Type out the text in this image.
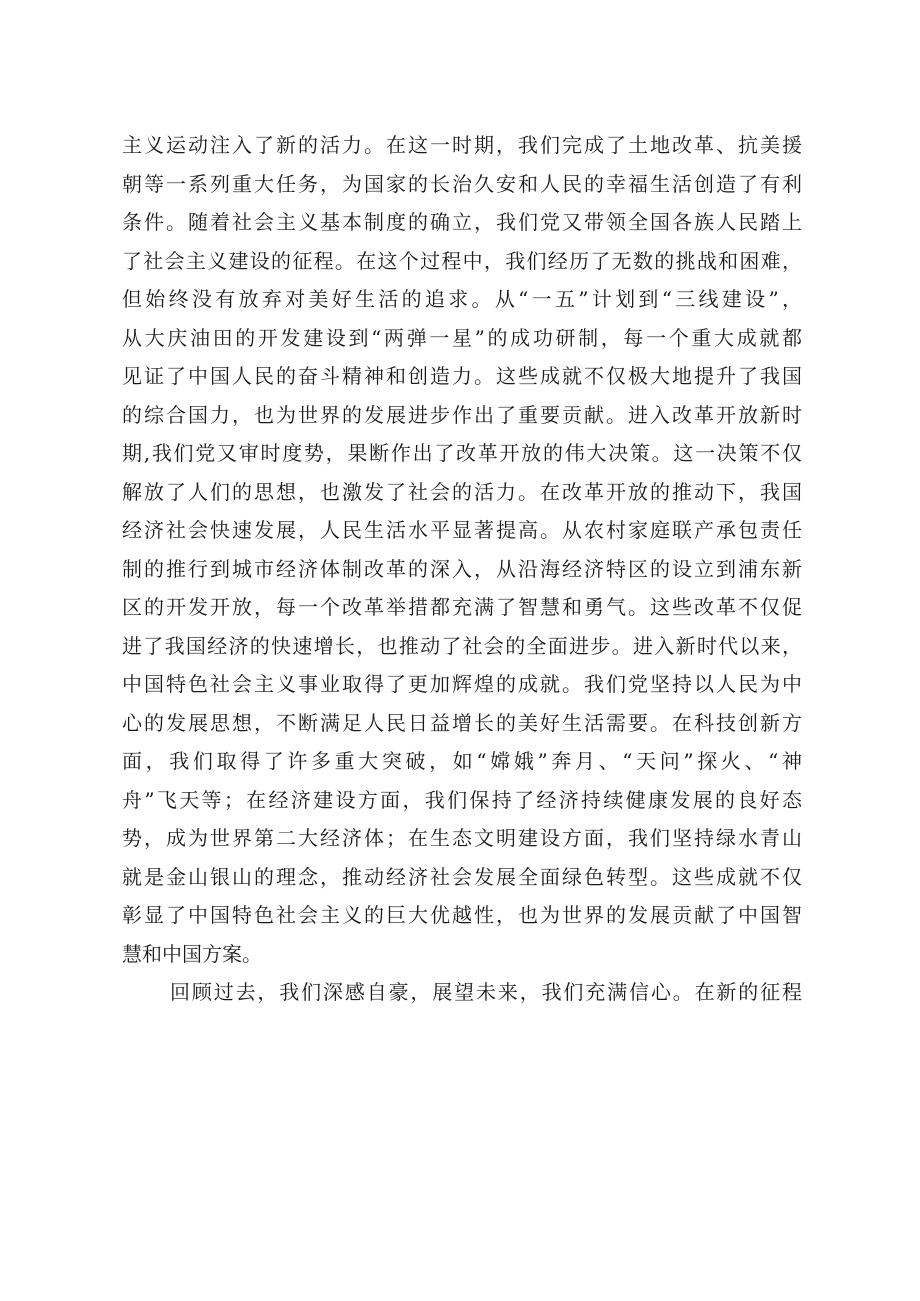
主义运动注入了新的活力。在这一时期，我们完成了土地改革、抗美援
朝等一系列重大任务，为国家的长治久安和人民的幸福生活创造了有利
条件。随着社会主义基本制度的确立，我们党又带领全国各族人民踏上
了社会主义建设的征程。在这个过程中，我们经历了无数的挑战和困难，
但始终没有放弃对美好生活的追求。从“一五”计划到“三线建设”，
从大庆油田的开发建设到“两弹一星”的成功研制，每一个重大成就都
见证了中国人民的奋斗精神和创造力。这些成就不仅极大地提升了我国
的综合国力，也为世界的发展进步作出了重要贡献。进入改革开放新时
期,我们党又审时度势，果断作出了改革开放的伟大决策。这一决策不仅
解放了人们的思想，也激发了社会的活力。在改革开放的推动下，我国
经济社会快速发展，人民生活水平显著提高。从农村家庭联产承包责任
制的推行到城市经济体制改革的深入，从沿海经济特区的设立到浦东新
区的开发开放，每一个改革举措都充满了智慧和勇气。这些改革不仅促
进了我国经济的快速增长，也推动了社会的全面进步。进入新时代以来，
中国特色社会主义事业取得了更加辉煌的成就。我们党坚持以人民为中
心的发展思想，不断满足人民日益增长的美好生活需要。在科技创新方
面，我们取得了许多重大突破，如“嫦娥”奔月、“天问”探火、“神
舟”飞天等；在经济建设方面，我们保持了经济持续健康发展的良好态
势，成为世界第二大经济体；在生态文明建设方面，我们坚持绿水青山
就是金山银山的理念，推动经济社会发展全面绿色转型。这些成就不仅
彰显了中国特色社会主义的巨大优越性，也为世界的发展贡献了中国智
慧和中国方案。
回顾过去，我们深感自豪，展望未来，我们充满信心。在新的征程
